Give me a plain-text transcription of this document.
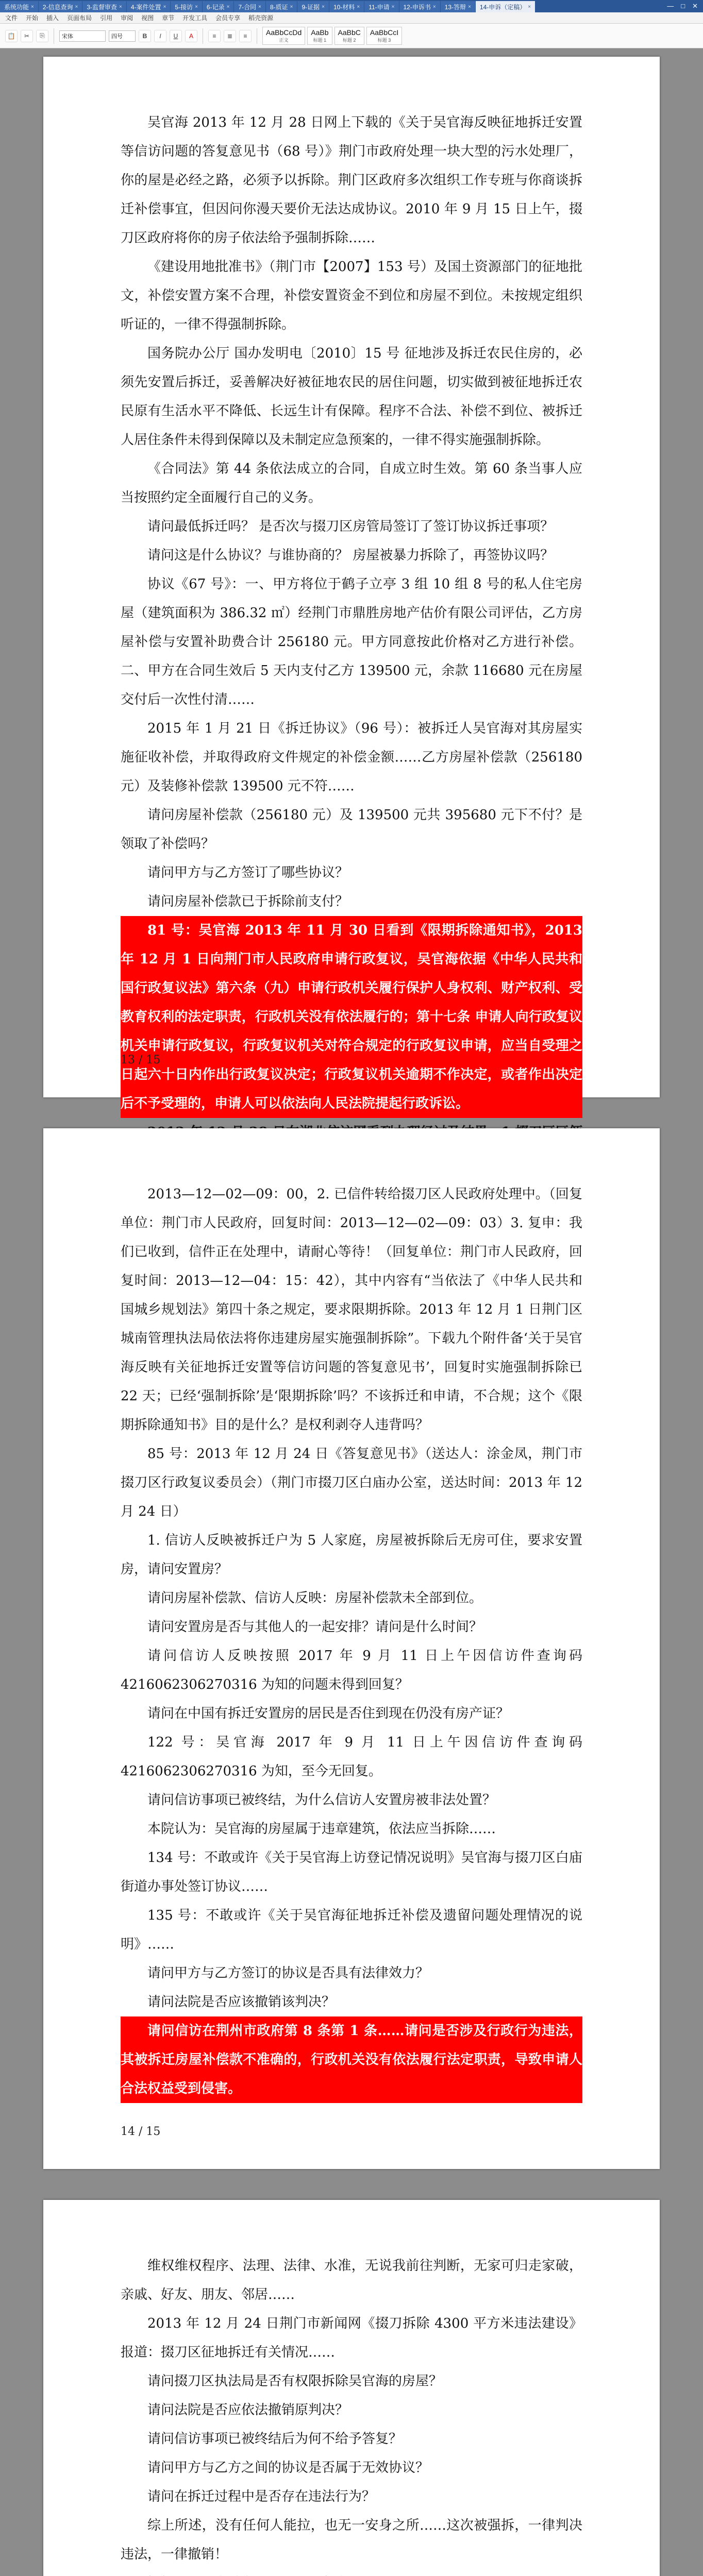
系统功能 × 2-信息查询 × 3-监督审查 × 4-案件处置 × 5-接访 × 6-记录 × 7-合同 × 8-质证 × 9-证据 × 10-材料 × 11-申请 × 12-申诉书 × 13-答辩 × 14-申诉（定稿） ×	— □ ✕
文件 开始 插入 页面布局 引用 审阅 视图 章节 开发工具 会员专享 稻壳资源
📋	✂	⎘	宋体	四号	B I U	A	≡	≣	≡	AaBbCcDd
正文
AaBb
标题 1
AaBbC
标题 2
AaBbCcI
标题 3

吴官海 2013 年 12 月 28 日网上下载的《关于吴官海反映征地拆迁安置等信访问题的答复意见书（68 号）》荆门市政府处理一块大型的污水处理厂，你的屋是必经之路，必须予以拆除。荆门区政府多次组织工作专班与你商谈拆迁补偿事宜，但因问你漫天要价无法达成协议。2010 年 9 月 15 日上午，掇刀区政府将你的房子依法给予强制拆除……

《建设用地批准书》（荆门市【2007】153 号）及国土资源部门的征地批文，补偿安置方案不合理，补偿安置资金不到位和房屋不到位。未按规定组织听证的，一律不得强制拆除。

国务院办公厅 国办发明电〔2010〕15 号 征地涉及拆迁农民住房的，必须先安置后拆迁，妥善解决好被征地农民的居住问题，切实做到被征地拆迁农民原有生活水平不降低、长远生计有保障。程序不合法、补偿不到位、被拆迁人居住条件未得到保障以及未制定应急预案的，一律不得实施强制拆除。

《合同法》第 44 条依法成立的合同，自成立时生效。第 60 条当事人应当按照约定全面履行自己的义务。

请问最低拆迁吗？ 是否次与掇刀区房管局签订了签订协议拆迁事项？

请问这是什么协议？与谁协商的？ 房屋被暴力拆除了，再签协议吗？

协议《67 号》：一、甲方将位于鹤子立亭 3 组 10 组 8 号的私人住宅房屋（建筑面积为 386.32 ㎡）经荆门市鼎胜房地产估价有限公司评估，乙方房屋补偿与安置补助费合计 256180 元。甲方同意按此价格对乙方进行补偿。二、甲方在合同生效后 5 天内支付乙方 139500 元，余款 116680 元在房屋交付后一次性付清……

2015 年 1 月 21 日《拆迁协议》（96 号）：被拆迁人吴官海对其房屋实施征收补偿，并取得政府文件规定的补偿金额……乙方房屋补偿款（256180 元）及装修补偿款 139500 元不符……

请问房屋补偿款（256180 元）及 139500 元共 395680 元下不付？是领取了补偿吗？

请问甲方与乙方签订了哪些协议？

请问房屋补偿款已于拆除前支付？

81 号：吴官海 2013 年 11 月 30 日看到《限期拆除通知书》，2013 年 12 月 1 日向荆门市人民政府申请行政复议，吴官海依据《中华人民共和国行政复议法》第六条（九）申请行政机关履行保护人身权利、财产权利、受教育权利的法定职责，行政机关没有依法履行的；第十七条 申请人向行政复议机关申请行政复议，行政复议机关对符合规定的行政复议申请，应当自受理之日起六十日内作出行政复议决定；行政复议机关逾期不作决定，或者作出决定后不予受理的，申请人可以依法向人民法院提起行政诉讼。

13 / 15

2013—12—02—09：00，2. 已信件转给掇刀区人民政府处理中。（回复单位：荆门市人民政府，回复时间：2013—12—02—09：03）3. 复申：我们已收到，信件正在处理中，请耐心等待！（回复单位：荆门市人民政府，回复时间：2013—12—04：15：42），其中内容有“当依法了《中华人民共和国城乡规划法》第四十条之规定，要求限期拆除。2013 年 12 月 1 日荆门区城南管理执法局依法将你违建房屋实施强制拆除”。下载九个附件备‘关于吴官海反映有关征地拆迁安置等信访问题的答复意见书’，回复时实施强制拆除已 22 天；已经‘强制拆除’是‘限期拆除’吗？不该拆迁和申请，不合规；这个《限期拆除通知书》目的是什么？是权利剥夺人违背吗？

85 号：2013 年 12 月 24 日《答复意见书》（送达人：涂金凤，荆门市掇刀区行政复议委员会）（荆门市掇刀区白庙办公室，送达时间：2013 年 12 月 24 日）

1. 信访人反映被拆迁户为 5 人家庭，房屋被拆除后无房可住，要求安置房，请问安置房？

请问房屋补偿款、信访人反映：房屋补偿款未全部到位。

请问安置房是否与其他人的一起安排？请问是什么时间？

请问信访人反映按照 2017 年 9 月 11 日上午因信访件查询码 4216062306270316 为知的问题未得到回复？

请问在中国有拆迁安置房的居民是否住到现在仍没有房产证？

122 号：吴官海 2017 年 9 月 11 日上午因信访件查询码 4216062306270316 为知，至今无回复。

请问信访事项已被终结，为什么信访人安置房被非法处置？

本院认为：吴官海的房屋属于违章建筑，依法应当拆除……

134 号：不敢或许《关于吴官海上访登记情况说明》吴官海与掇刀区白庙街道办事处签订协议……

135 号：不敢或许《关于吴官海征地拆迁补偿及遗留问题处理情况的说明》……

请问甲方与乙方签订的协议是否具有法律效力？

请问法院是否应该撤销该判决？

请问信访在荆州市政府第 8 条第 1 条……请问是否涉及行政行为违法，其被拆迁房屋补偿款不准确的，行政机关没有依法履行法定职责，导致申请人合法权益受到侵害。

14 / 15

维权维权程序、法理、法律、水准，无说我前往判断，无家可归走家破，亲戚、好友、朋友、邻居……

2013 年 12 月 24 日荆门市新闻网《掇刀拆除 4300 平方米违法建设》报道：掇刀区征地拆迁有关情况……

请问掇刀区执法局是否有权限拆除吴官海的房屋？

请问法院是否应依法撤销原判决？

请问信访事项已被终结后为何不给予答复？

请问甲方与乙方之间的协议是否属于无效协议？

请问在拆迁过程中是否存在违法行为？

综上所述，没有任何人能拉，也无一安身之所……这次被强拆，一律判决违法，一律撤销！
